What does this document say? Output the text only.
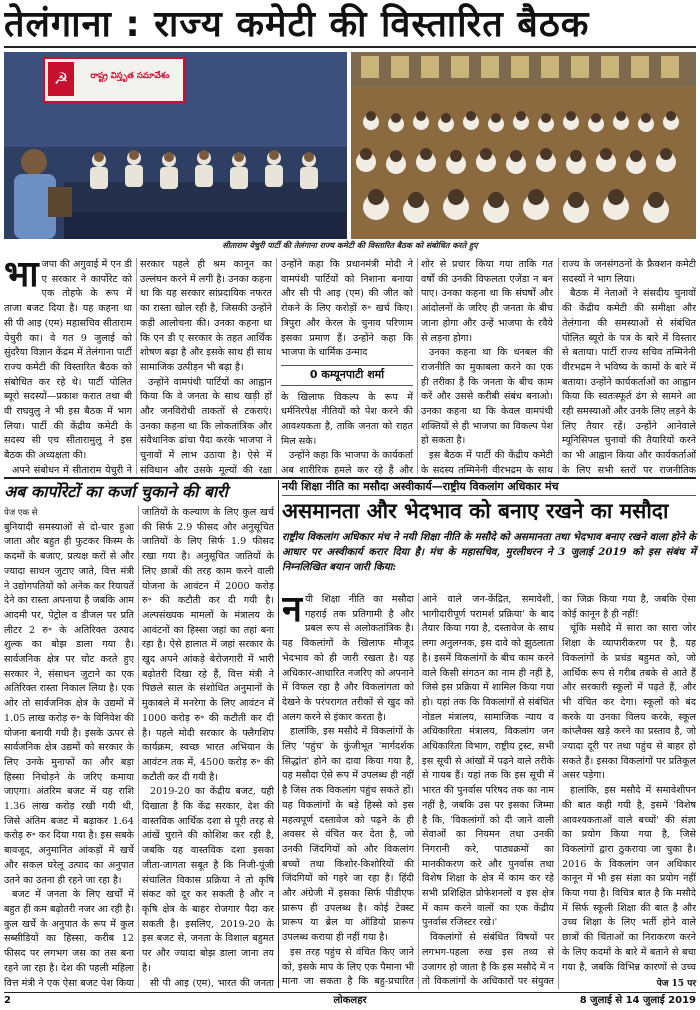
तेलंगाना : राज्य कमेटी की विस्तारित बैठक
☭	రాష్ట్ర విస్తృత సమావేశం
सीताराम येचुरी पार्टी की तेलंगाना राज्य कमेटी की विस्तारित बैठक को संबोधित करते हुए

भाजपा की अगुवाई में एन डी ए सरकार ने कार्पोरेट को एक तोहफे के रूप में ताजा बजट दिया है। यह कहना था सी पी आइ (एम) महासचिव सीताराम येचुरी का। वे गत 9 जुलाई को सुंदरैया विज्ञान केंद्रम में तेलंगाना पार्टी राज्य कमेटी की विस्तारित बैठक को संबोधित कर रहे थे। पार्टी पोलित ब्यूरो सदस्यों—प्रकाश करात तथा बी वी राघवुलु ने भी इस बैठक में भाग लिया। पार्टी की केंद्रीय कमेटी के सदस्य सी एच सीतारामुलु ने इस बैठक की अध्यक्षता की।

अपने संबोधन में सीताराम येचुरी ने

सरकार पहले ही श्रम कानून का उल्लंघन करने में लगी है। उनका कहना था कि यह सरकार सांप्रदायिक नफरत का रास्ता खोल रही है, जिसकी उन्होंने कड़ी आलोचना की। उनका कहना था कि एन डी ए सरकार के तहत आर्थिक शोषण बढ़ा है और इसके साथ ही साथ सामाजिक उत्पीड़न भी बढ़ा है।

उन्होंने वामपंथी पार्टियों का आह्वान किया कि वे जनता के साथ खड़ी हों और जनविरोधी ताकतों से टकराएं। उनका कहना था कि लोकतांत्रिक और संवैधानिक ढांचा पैदा करके भाजपा ने चुनावों में लाभ उठाया है। ऐसे में संविधान और उसके मूल्यों की रक्षा

उन्होंने कहा कि प्रधानमंत्री मोदी ने वामपंथी पार्टियों को निशाना बनाया और सी पी आइ (एम) की जीत को रोकने के लिए करोड़ों रु॰ खर्च किए। त्रिपुरा और केरल के चुनाव परिणाम इसका प्रमाण हैं। उन्होंने कहा कि भाजपा के धार्मिक उन्माद

0 कम्यूनपाटी शर्मा

के खिलाफ विकल्प के रूप में धर्मनिरपेक्ष नीतियों को पेश करने की आवश्यकता है, ताकि जनता को राहत मिल सके।

उन्होंने कहा कि भाजपा के कार्यकर्ता अब शारीरिक हमले कर रहे हैं और

शोर से प्रचार किया गया ताकि गत वर्षों की उनकी विफलता एजेंडा न बन पाए। उनका कहना था कि संघर्षों और आंदोलनों के जरिए ही जनता के बीच जाना होगा और उन्हें भाजपा के रवैये से लड़ना होगा।

उनका कहना था कि धनबल की राजनीति का मुकाबला करने का एक ही तरीका है कि जनता के बीच काम करें और उससे करीबी संबंध बनाओ। उनका कहना था कि केवल वामपंथी शक्तियों से ही भाजपा का विकल्प पेश हो सकता है।

इस बैठक में पार्टी की केंद्रीय कमेटी के सदस्य तम्मिनेनी वीरभद्रम के साथ

राज्य के जनसंगठनों के फ्रैक्शन कमेटी सदस्यों ने भाग लिया।

बैठक में नेताओं ने संसदीय चुनावों की केंद्रीय कमेटी की समीक्षा और तेलंगाना की समस्याओं से संबंधित पोलित ब्यूरो के पत्र के बारे में विस्तार से बताया। पार्टी राज्य सचिव तम्मिनेनी वीरभद्रम ने भविष्य के कामों के बारे में बताया। उन्होंने कार्यकर्ताओं का आह्वान किया कि स्वतःस्फूर्त ढंग से सामने आ रही समस्याओं और उनके लिए लड़ने के लिए तैयार रहें। उन्होंने आनेवाले म्यूनिसिपल चुनावों की तैयारियों करने का भी आह्वान किया और कार्यकर्ताओं के लिए सभी स्तरों पर राजनीतिक

अब कार्पोरेटों का कर्जा चुकाने की बारी

पेज एक से

बुनियादी समस्याओं से दो-चार हुआ जाता और बहुत ही फुटकर किस्म के कदमों के बजाए, प्रत्यक्ष करों से और ज्यादा साधन जुटाए जाते, वित्त मंत्री ने उद्योगपतियों को अनेक कर रियायतें देने का रास्ता अपनाया है जबकि आम आदमी पर, पेट्रोल व डीजल पर प्रति लीटर 2 रु॰ के अतिरिक्त उत्पाद शुल्क का बोझ डाला गया है। सार्वजनिक क्षेत्र पर चोट करते हुए सरकार ने, संसाधन जुटाने का एक अतिरिक्त रास्ता निकाल लिया है। एक ओर तो सार्वजनिक क्षेत्र के उद्यमों में 1.05 लाख करोड़ रु॰ के विनिवेश की योजना बनायी गयी है। इसके ऊपर से सार्वजनिक क्षेत्र उद्यमों को सरकार के लिए उनके मुनाफों का और बड़ा हिस्सा निचोड़ने के जरिए कमाया जाएगा। अंतरिम बजट में यह राशि 1.36 लाख करोड़ रखी गयी थी, जिसे अंतिम बजट में बढ़ाकर 1.64 करोड़ रु॰ कर दिया गया है। इस सबके बावजूद, अनुमानित आंकड़ों में खर्चे और सकल घरेलू उत्पाद का अनुपात उतने का उतना ही रहने जा रहा है।

बजट में जनता के लिए खर्चों में बहुत ही कम बढ़ोतरी नजर आ रही है। कुल खर्चे के अनुपात के रूप में कुल सब्सीडियों का हिस्सा, करीब 12 फीसद पर लगभग जस का तस बना रहने जा रहा है। देश की पहली महिला वित्त मंत्री ने एक ऐसा बजट पेश किया

जातियों के कल्याण के लिए कुल खर्च की सिर्फ 2.9 फीसद और अनुसूचित जातियों के लिए सिर्फ 1.9 फीसद रखा गया है। अनुसूचित जातियों के लिए छात्रों की तरह काम करने वाली योजना के आवंटन में 2000 करोड़ रु॰ की कटौती कर दी गयी है। अल्पसंख्यक मामलों के मंत्रालय के आवंटनों का हिस्सा जहां का तहां बना रहा है। ऐसे हालात में जहां सरकार के खुद अपने आंकड़े बेरोजगारी में भारी बढ़ोतरी दिखा रहे हैं, वित्त मंत्री ने पिछले साल के संशोधित अनुमानों के मुकाबले में मनरेगा के लिए आवंटन में 1000 करोड़ रु॰ की कटौती कर दी है। पहले मोदी सरकार के फ्लैगशिप कार्यक्रम, स्वच्छ भारत अभियान के आवंटन तक में, 4500 करोड़ रु॰ की कटौती कर दी गयी है।

2019-20 का केंद्रीय बजट, यही दिखाता है कि केंद्र सरकार, देश की वास्तविक आर्थिक दशा से पूरी तरह से आंखें चुराने की कोशिश कर रही है, जबकि यह वास्तविक दशा इसका जीता-जागता सबूत है कि निजी-पूंजी संचालित विकास प्रक्रिया ने तो कृषि संकट को दूर कर सकती है और न कृषि क्षेत्र के बाहर रोजगार पैदा कर सकती है। इसलिए, 2019-20 के इस बजट से, जनता के विशाल बहुमत पर और ज्यादा बोझ डाला जाना तय है।

सी पी आइ (एम), भारत की जनता

नयी शिक्षा नीति का मसौदा अस्वीकार्य—राष्ट्रीय विकलांग अधिकार मंच
असमानता और भेदभाव को बनाए रखने का मसौदा
राष्ट्रीय विकलांग अधिकार मंच ने नयी शिक्षा नीति के मसौदे को असमानता तथा भेदभाव बनाए रखने वाला होने के आधार पर अस्वीकार्य करार दिया है। मंच के महासचिव, मुरलीधरन ने 3 जुलाई 2019 को इस संबंध में निम्नलिखित बयान जारी किया:

नयी शिक्षा नीति का मसौदा गहराई तक प्रतिगामी है और प्रबल रूप से अलोकतांत्रिक है। यह विकलांगों के खिलाफ मौजूद भेदभाव को ही जारी रखता है। यह अधिकार-आधारित नजरिए को अपनाने में विफल रहा है और विकलांगता को देखने के परंपरागत तरीकों से खुद को अलग करने से इंकार करता है।

हालांकि, इस मसौदे में विकलांगों के लिए 'पहुंच' के कुंजीभूत 'मार्गदर्शक सिद्धांत' होने का दावा किया गया है, यह मसौदा ऐसे रूप में उपलब्ध ही नहीं है जिस तक विकलांग पहुंच सकते हों। यह विकलांगों के बड़े हिस्से को इस महत्वपूर्ण दस्तावेज को पढ़ने के ही अवसर से वंचित कर देता है, जो उनकी जिंदगियों को और विकलांग बच्चों तथा किशोर-किशोरियों की जिंदगियों को गहरे जा रहा है। हिंदी और अंग्रेजी में इसका सिर्फ पीडीएफ प्रारूप ही उपलब्ध है। कोई टेक्स्ट प्रारूप या ब्रेल या ऑडियो प्रारूप उपलब्ध कराया ही नहीं गया है।

इस तरह पहुंच से वंचित किए जाने को, इसके माप के लिए एक पैमाना भी माना जा सकता है कि बहु-प्रचारित

आने वाले जन-केंद्रित, समावेशी, भागीदारीपूर्ण परामर्श प्रक्रिया' के बाद तैयार किया गया है, दस्तावेज के साथ लगा अनुलग्नक, इस दावे को झुठलाता है। इसमें विकलांगों के बीच काम करने वाले किसी संगठन का नाम ही नहीं है, जिसे इस प्रक्रिया में शामिल किया गया हो। यहां तक कि विकलांगों से संबंधित नोडल मंत्रालय, सामाजिक न्याय व अधिकारिता मंत्रालय, विकलांग जन अधिकारिता विभाग, राष्ट्रीय ट्रस्ट, सभी इस सूची से आंखों में पढ़ने वाले तरीके से गायब हैं। यहां तक कि इस सूची में भारत की पुनर्वास परिषद तक का नाम नहीं है, जबकि उस पर इसका जिम्मा है कि, 'विकलांगों को दी जाने वाली सेवाओं का नियमन तथा उनकी निगरानी करे, पाठ्यक्रमों का मानकीकरण करे और पुनर्वास तथा विशेष शिक्षा के क्षेत्र में काम कर रहे सभी प्रशिक्षित प्रोफेशनलों व इस क्षेत्र में काम करने वालों का एक केंद्रीय पुनर्वास रजिस्टर रखे।'

विकलांगों से संबंधित विषयों पर लगभग-पहला रुख इस तथ्य से उजागर हो जाता है कि इस मसौदे में न तो विकलांगों के अधिकारों पर संयुक्त

का जिक्र किया गया है, जबकि ऐसा कोई कानून है ही नहीं!

चूंकि मसौदे में सारा का सारा जोर शिक्षा के व्यापारीकरण पर है, यह विकलांगों के प्रचंड बहुमत को, जो आर्थिक रूप से गरीब तबके से आते हैं और सरकारी स्कूलों में पढ़ते हैं, और भी वंचित कर देगा। स्कूलों को बंद करके या उनका विलय करके, स्कूल कांप्लैक्स खड़े करने का प्रस्ताव है, जो ज्यादा दूरी पर तथा पहुंच से बाहर हो सकते हैं। इसका विकलांगों पर प्रतिकूल असर पड़ेगा।

हालांकि, इस मसौदे में समावेशीपन की बात कही गयी है, इसमें 'विशेष आवश्यकताओं वाले बच्चों' की संज्ञा का प्रयोग किया गया है, जिसे विकलांगों द्वारा ठुकराया जा चुका है। 2016 के विकलांग जन अधिकार कानून में भी इस संज्ञा का प्रयोग नहीं किया गया है। विचित्र बात है कि मसौदे में सिर्फ स्कूली शिक्षा की बात है और उच्च शिक्षा के लिए भर्ती होने वाले छात्रों की चिंताओं का निराकरण करने के लिए कदमों के बारे में बताने से बचा गया है, जबकि विभिन्न कारणों से उच्च

पेज 15 पर
2	लोकलहर	8 जुलाई से 14 जुलाई 2019
